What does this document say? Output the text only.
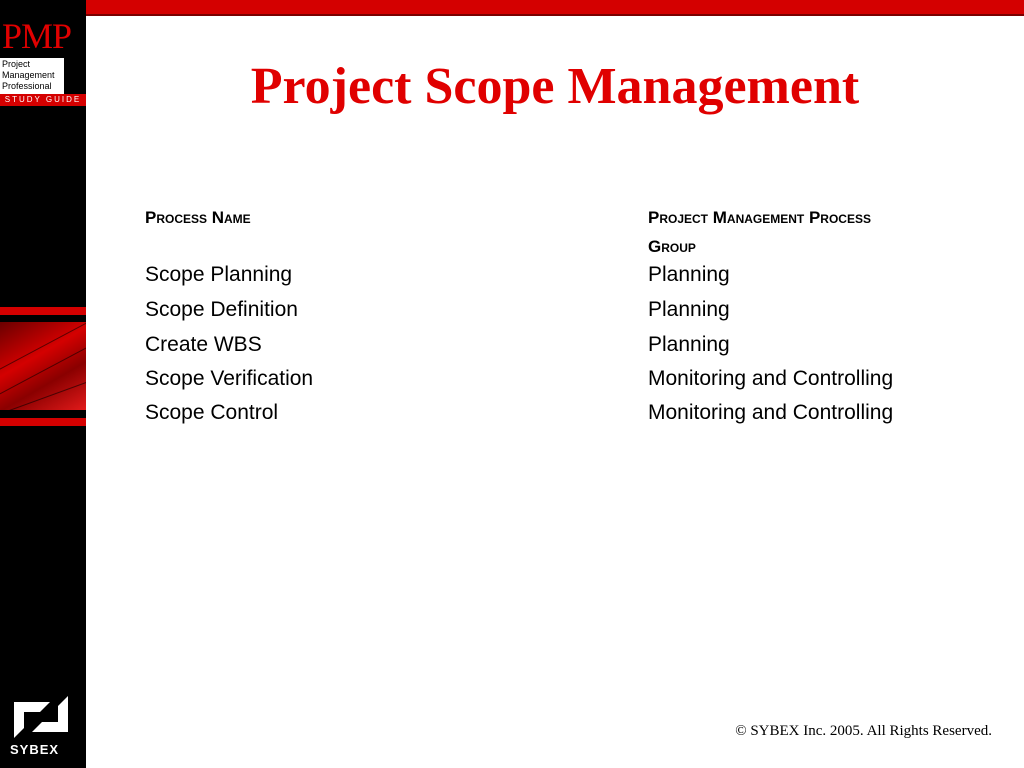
PMP
Project
Management
Professional
STUDY GUIDE
SYBEX
Project Scope Management
Process Name	Project Management Process Group
Scope Planning	Planning
Scope Definition	Planning
Create WBS	Planning
Scope Verification	Monitoring and Controlling
Scope Control	Monitoring and Controlling
© SYBEX Inc. 2005. All Rights Reserved.
